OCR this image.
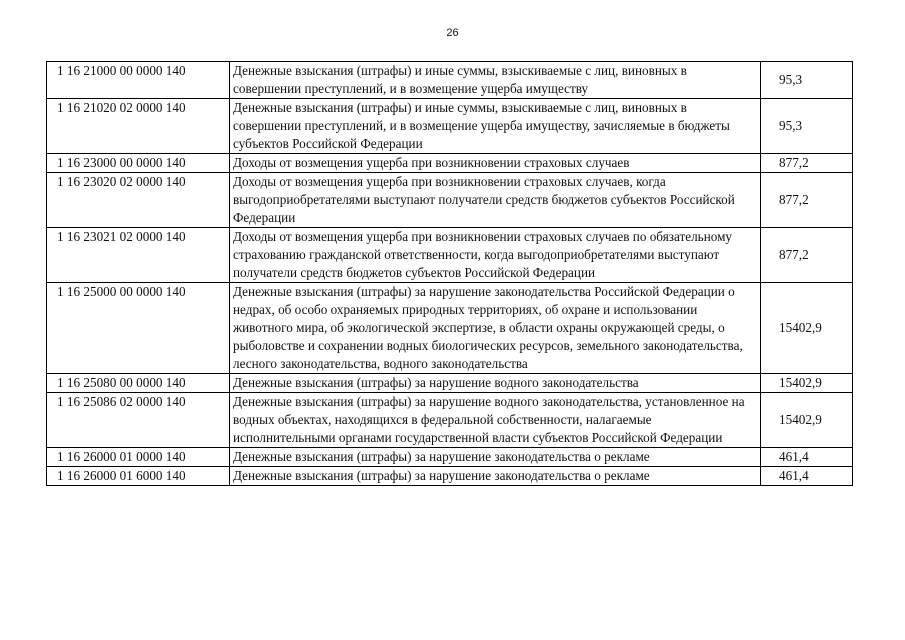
26
1 16 21000 00 0000 140	Денежные взыскания (штрафы) и иные суммы, взыскиваемые с лиц, виновных в совершении преступлений, и в возмещение ущерба имуществу	95,3
1 16 21020 02 0000 140	Денежные взыскания (штрафы) и иные суммы, взыскиваемые с лиц, виновных в совершении преступлений, и в возмещение ущерба имуществу, зачисляемые в бюджеты субъектов Российской Федерации	95,3
1 16 23000 00 0000 140	Доходы от возмещения ущерба при возникновении страховых случаев	877,2
1 16 23020 02 0000 140	Доходы от возмещения ущерба при возникновении страховых случаев, когда выгодоприобретателями выступают получатели средств бюджетов субъектов Российской Федерации	877,2
1 16 23021 02 0000 140	Доходы от возмещения ущерба при возникновении страховых случаев по обязательному страхованию гражданской ответственности, когда выгодоприобретателями выступают получатели средств бюджетов субъектов Российской Федерации	877,2
1 16 25000 00 0000 140	Денежные взыскания (штрафы) за нарушение законодательства Российской Федерации о недрах, об особо охраняемых природных территориях, об охране и использовании животного мира, об экологической экспертизе, в области охраны окружающей среды, о рыболовстве и сохранении водных биологических ресурсов, земельного законодательства, лесного законодательства, водного законодательства	15402,9
1 16 25080 00 0000 140	Денежные взыскания (штрафы) за нарушение водного законодательства	15402,9
1 16 25086 02 0000 140	Денежные взыскания (штрафы) за нарушение водного законодательства, установленное на водных объектах, находящихся в федеральной собственности, налагаемые исполнительными органами государственной власти субъектов Российской Федерации	15402,9
1 16 26000 01 0000 140	Денежные взыскания (штрафы) за нарушение законодательства о рекламе	461,4
1 16 26000 01 6000 140	Денежные взыскания (штрафы) за нарушение законодательства о рекламе	461,4
